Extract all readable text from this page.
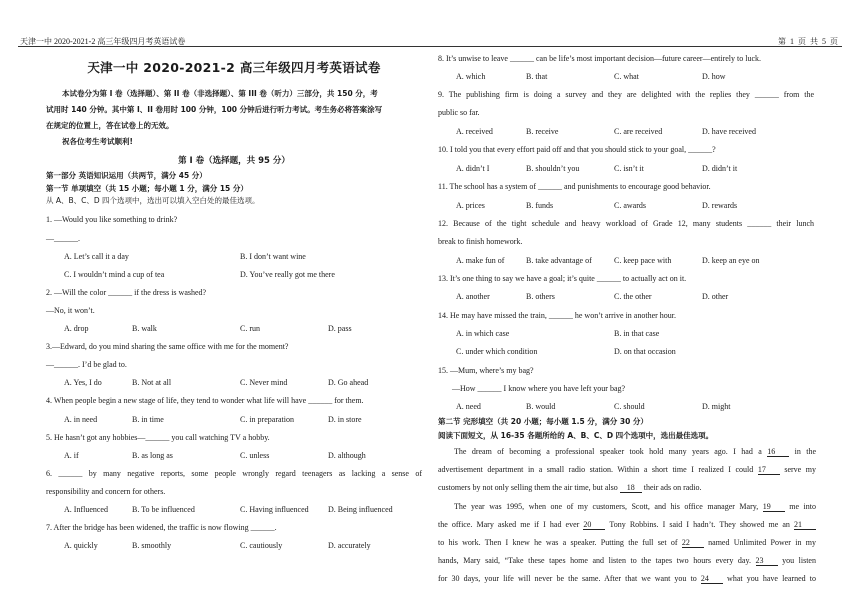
天津一中 2020-2021-2 高三年级四月考英语试卷	第 1 页 共 5 页
天津一中 2020-2021-2 高三年级四月考英语试卷
本试卷分为第 I 卷（选择题）、第 II 卷（非选择题）、第 III 卷（听力）三部分，共 150 分，考
试用时 140 分钟。其中第 I、II 卷用时 100 分钟，100 分钟后进行听力考试。考生务必将答案涂写
在规定的位置上，答在试卷上的无效。
祝各位考生考试顺利!
第 I 卷（选择题，共 95 分）
第一部分 英语知识运用（共两节，满分 45 分）
第一节 单项填空（共 15 小题；每小题 1 分，满分 15 分）
从 A、B、C、D 四个选项中，选出可以填入空白处的最佳选项。
1. —Would you like something to drink?
—______.
A. Let’s call it a day	B. I don’t want wine
C. I wouldn’t mind a cup of tea	D. You’ve really got me there
2. —Will the color ______ if the dress is washed?
—No, it won’t.
A. drop	B. walk	C. run	D. pass
3.—Edward, do you mind sharing the same office with me for the moment?
—______. I’d be glad to.
A. Yes, I do	B. Not at all	C. Never mind	D. Go ahead
4. When people begin a new stage of life, they tend to wonder what life will have ______ for them.
A. in need	B. in time	C. in preparation	D. in store
5. He hasn’t got any hobbies—______ you call watching TV a hobby.
A. if	B. as long as	C. unless	D. although
6. ______ by many negative reports, some people wrongly regard teenagers as lacking a sense of
responsibility and concern for others.
A. Influenced	B. To be influenced	C. Having influenced D. Being influenced
7. After the bridge has been widened, the traffic is now flowing ______.
A. quickly	B. smoothly	C. cautiously	D. accurately
8. It’s unwise to leave ______ can be life’s most important decision—future career—entirely to luck.
A. which	B. that	C. what	D. how
9. The publishing firm is doing a survey and they are delighted with the replies they ______ from the
public so far.
A. received	B. receive	C. are received	D. have received
10. I told you that every effort paid off and that you should stick to your goal, ______?
A. didn’t I	B. shouldn’t you	C. isn’t it	D. didn’t it
11. The school has a system of ______ and punishments to encourage good behavior.
A. prices	B. funds	C. awards	D. rewards
12. Because of the tight schedule and heavy workload of Grade 12, many students ______ their lunch
break to finish homework.
A. make fun of	B. take advantage of	C. keep pace with	D. keep an eye on
13. It’s one thing to say we have a goal; it’s quite ______ to actually act on it.
A. another	B. others	C. the other	D. other
14. He may have missed the train, ______ he won’t arrive in another hour.
A. in which case	B. in that case
C. under which condition	D. on that occasion
15. —Mum, where’s my bag?
—How ______ I know where you have left your bag?
A. need	B. would	C. should	D. might
第二节 完形填空（共 20 小题；每小题 1.5 分，满分 30 分）
阅读下面短文，从 16-35 各题所给的 A、B、C、D 四个选项中，选出最佳选项。
The dream of becoming a professional speaker took hold many years ago. I had a 16 in the
advertisement department in a small radio station. Within a short time I realized I could 17 serve my
customers by not only selling them the air time, but also 18 their ads on radio.
The year was 1995, when one of my customers, Scott, and his office manager Mary, 19 me into
the office. Mary asked me if I had ever 20 Tony Robbins. I said I hadn’t. They showed me an 21
to his work. Then I knew he was a speaker. Putting the full set of 22 named Unlimited Power in my
hands, Mary said, “Take these tapes home and listen to the tapes two hours every day. 23 you listen
for 30 days, your life will never be the same. After that we want you to 24 what you have learned to
